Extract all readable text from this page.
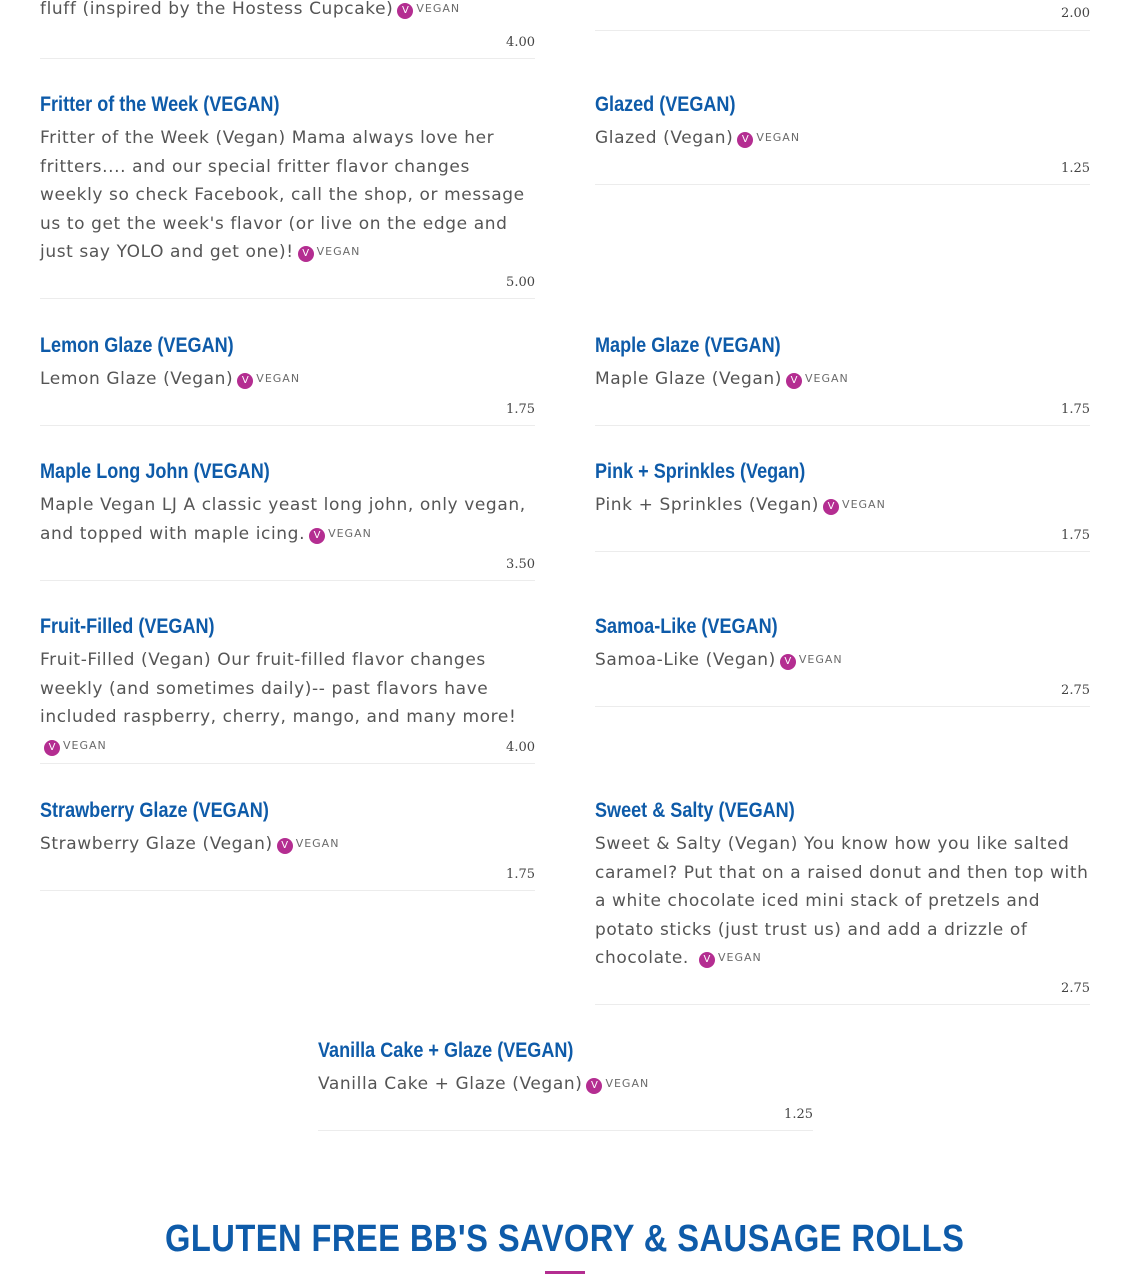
fluff (inspired by the Hostess Cupcake) V VEGAN

4.00
2.00
Fritter of the Week (VEGAN)

Fritter of the Week (Vegan) Mama always love her fritters.... and our special fritter flavor changes weekly so check Facebook, call the shop, or message us to get the week's flavor (or live on the edge and just say YOLO and get one)! V VEGAN

5.00
Glazed (VEGAN)

Glazed (Vegan) V VEGAN

1.25
Lemon Glaze (VEGAN)

Lemon Glaze (Vegan) V VEGAN

1.75
Maple Glaze (VEGAN)

Maple Glaze (Vegan) V VEGAN

1.75
Maple Long John (VEGAN)

Maple Vegan LJ A classic yeast long john, only vegan, and topped with maple icing. V VEGAN

3.50
Pink + Sprinkles (Vegan)

Pink + Sprinkles (Vegan) V VEGAN

1.75
Fruit-Filled (VEGAN)

Fruit-Filled (Vegan) Our fruit-filled flavor changes weekly (and sometimes daily)-- past flavors have included raspberry, cherry, mango, and many more!V VEGAN	4.00
Samoa-Like (VEGAN)

Samoa-Like (Vegan) V VEGAN

2.75
Strawberry Glaze (VEGAN)

Strawberry Glaze (Vegan) V VEGAN

1.75
Sweet & Salty (VEGAN)

Sweet & Salty (Vegan) You know how you like salted caramel? Put that on a raised donut and then top with a white chocolate iced mini stack of pretzels and potato sticks (just trust us) and add a drizzle of chocolate. V VEGAN

2.75
Vanilla Cake + Glaze (VEGAN)

Vanilla Cake + Glaze (Vegan) V VEGAN

1.25
GLUTEN FREE BB'S SAVORY & SAUSAGE ROLLS
